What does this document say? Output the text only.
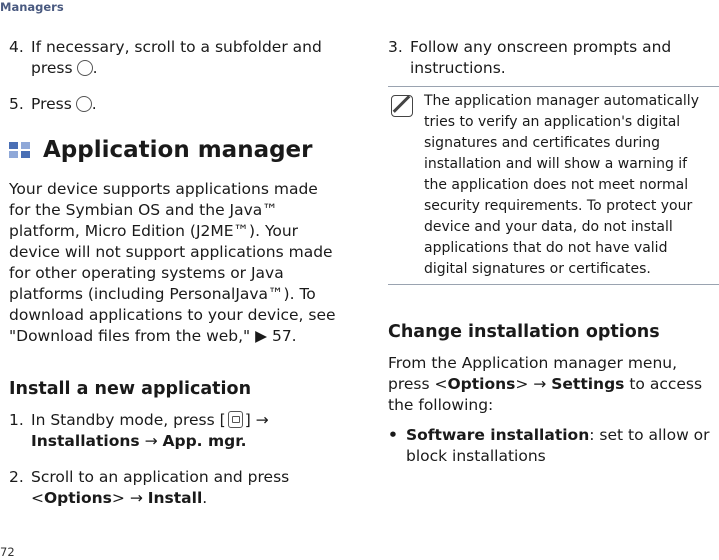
Managers
4. If necessary, scroll to a subfolder and press .
5. Press .
Application manager
Your device supports applications made for the Symbian OS and the Java™ platform, Micro Edition (J2ME™). Your device will not support applications made for other operating systems or Java platforms (including PersonalJava™). To download applications to your device, see "Download files from the web," ▶ 57.
Install a new application
1. In Standby mode, press [ ] → Installations → App. mgr.
2. Scroll to an application and press <Options> → Install.
3. Follow any onscreen prompts and instructions.
The application manager automatically tries to verify an application's digital signatures and certificates during installation and will show a warning if the application does not meet normal security requirements. To protect your device and your data, do not install applications that do not have valid digital signatures or certificates.
Change installation options
From the Application manager menu, press <Options> → Settings to access the following:
• Software installation: set to allow or block installations
72
